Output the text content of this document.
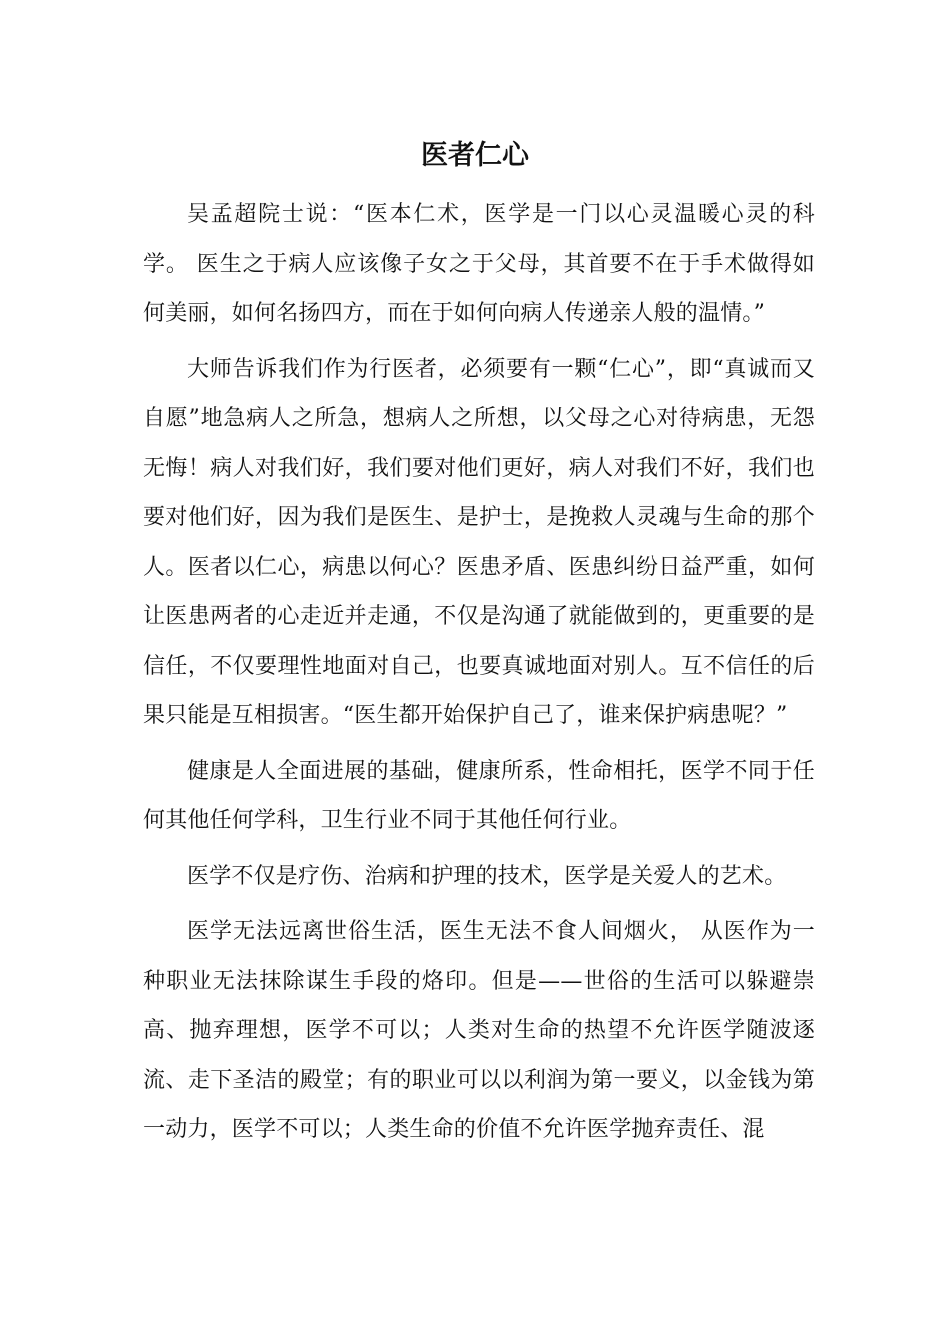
医者仁心

吴孟超院士说：“医本仁术，医学是一门以心灵温暖心灵的科学。 医生之于病人应该像子女之于父母，其首要不在于手术做得如何美丽，如何名扬四方，而在于如何向病人传递亲人般的温情。”

大师告诉我们作为行医者，必须要有一颗“仁心”，即“真诚而又自愿”地急病人之所急，想病人之所想，以父母之心对待病患，无怨无悔！病人对我们好，我们要对他们更好，病人对我们不好，我们也要对他们好，因为我们是医生、是护士，是挽救人灵魂与生命的那个人。医者以仁心，病患以何心？医患矛盾、医患纠纷日益严重，如何让医患两者的心走近并走通，不仅是沟通了就能做到的，更重要的是信任，不仅要理性地面对自己，也要真诚地面对别人。互不信任的后果只能是互相损害。“医生都开始保护自己了，谁来保护病患呢？”

健康是人全面进展的基础，健康所系，性命相托，医学不同于任何其他任何学科，卫生行业不同于其他任何行业。

医学不仅是疗伤、治病和护理的技术，医学是关爱人的艺术。

医学无法远离世俗生活，医生无法不食人间烟火， 从医作为一种职业无法抹除谋生手段的烙印。但是——世俗的生活可以躲避崇高、抛弃理想，医学不可以；人类对生命的热望不允许医学随波逐流、走下圣洁的殿堂；有的职业可以以利润为第一要义，以金钱为第一动力，医学不可以；人类生命的价值不允许医学抛弃责任、混
